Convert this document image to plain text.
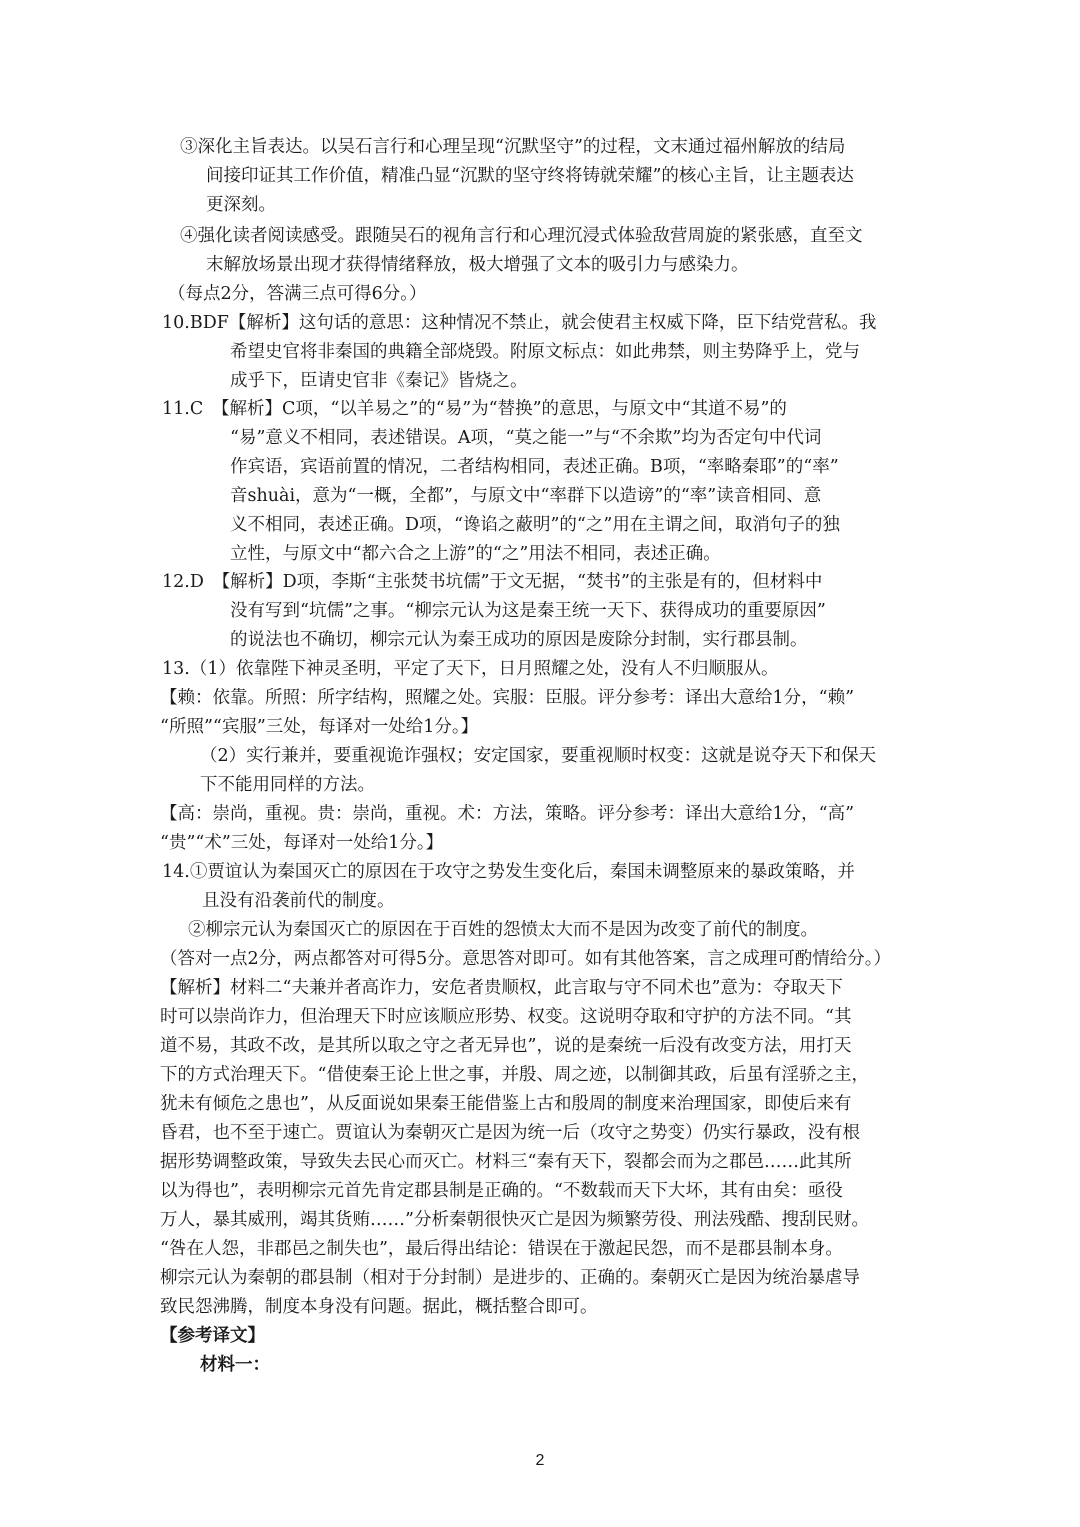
③深化主旨表达。以吴石言行和心理呈现“沉默坚守”的过程，文末通过福州解放的结局
间接印证其工作价值，精准凸显“沉默的坚守终将铸就荣耀”的核心主旨，让主题表达
更深刻。
④强化读者阅读感受。跟随吴石的视角言行和心理沉浸式体验敌营周旋的紧张感，直至文
末解放场景出现才获得情绪释放，极大增强了文本的吸引力与感染力。
（每点2分，答满三点可得6分。）
10.BDF【解析】这句话的意思：这种情况不禁止，就会使君主权威下降，臣下结党营私。我
希望史官将非秦国的典籍全部烧毁。附原文标点：如此弗禁，则主势降乎上，党与
成乎下，臣请史官非《秦记》皆烧之。
11.C　【解析】C项，“以羊易之”的“易”为“替换”的意思，与原文中“其道不易”的
“易”意义不相同，表述错误。A项，“莫之能一”与“不余欺”均为否定句中代词
作宾语，宾语前置的情况，二者结构相同，表述正确。B项，“率略秦耶”的“率”
音shuài，意为“一概，全都”，与原文中“率群下以造谤”的“率”读音相同、意
义不相同，表述正确。D项，“谗谄之蔽明”的“之”用在主谓之间，取消句子的独
立性，与原文中“都六合之上游”的“之”用法不相同，表述正确。
12.D　【解析】D项，李斯“主张焚书坑儒”于文无据，“焚书”的主张是有的，但材料中
没有写到“坑儒”之事。“柳宗元认为这是秦王统一天下、获得成功的重要原因”
的说法也不确切，柳宗元认为秦王成功的原因是废除分封制，实行郡县制。
13.（1）依靠陛下神灵圣明，平定了天下，日月照耀之处，没有人不归顺服从。
【赖：依靠。所照：所字结构，照耀之处。宾服：臣服。评分参考：译出大意给1分，“赖”
“所照”“宾服”三处，每译对一处给1分。】
（2）实行兼并，要重视诡诈强权；安定国家，要重视顺时权变：这就是说夺天下和保天
下不能用同样的方法。
【高：崇尚，重视。贵：崇尚，重视。术：方法，策略。评分参考：译出大意给1分，“高”
“贵”“术”三处，每译对一处给1分。】
14.①贾谊认为秦国灭亡的原因在于攻守之势发生变化后，秦国未调整原来的暴政策略，并
且没有沿袭前代的制度。
②柳宗元认为秦国灭亡的原因在于百姓的怨愤太大而不是因为改变了前代的制度。
（答对一点2分，两点都答对可得5分。意思答对即可。如有其他答案，言之成理可酌情给分。）
【解析】材料二“夫兼并者高诈力，安危者贵顺权，此言取与守不同术也”意为：夺取天下
时可以崇尚诈力，但治理天下时应该顺应形势、权变。这说明夺取和守护的方法不同。“其
道不易，其政不改，是其所以取之守之者无异也”，说的是秦统一后没有改变方法，用打天
下的方式治理天下。“借使秦王论上世之事，并殷、周之迹，以制御其政，后虽有淫骄之主，
犹未有倾危之患也”，从反面说如果秦王能借鉴上古和殷周的制度来治理国家，即使后来有
昏君，也不至于速亡。贾谊认为秦朝灭亡是因为统一后（攻守之势变）仍实行暴政，没有根
据形势调整政策，导致失去民心而灭亡。材料三“秦有天下，裂都会而为之郡邑……此其所
以为得也”，表明柳宗元首先肯定郡县制是正确的。“不数载而天下大坏，其有由矣：亟役
万人，暴其威刑，竭其货贿……”分析秦朝很快灭亡是因为频繁劳役、刑法残酷、搜刮民财。
“咎在人怨，非郡邑之制失也”，最后得出结论：错误在于激起民怨，而不是郡县制本身。
柳宗元认为秦朝的郡县制（相对于分封制）是进步的、正确的。秦朝灭亡是因为统治暴虐导
致民怨沸腾，制度本身没有问题。据此，概括整合即可。
【参考译文】
材料一：
2
